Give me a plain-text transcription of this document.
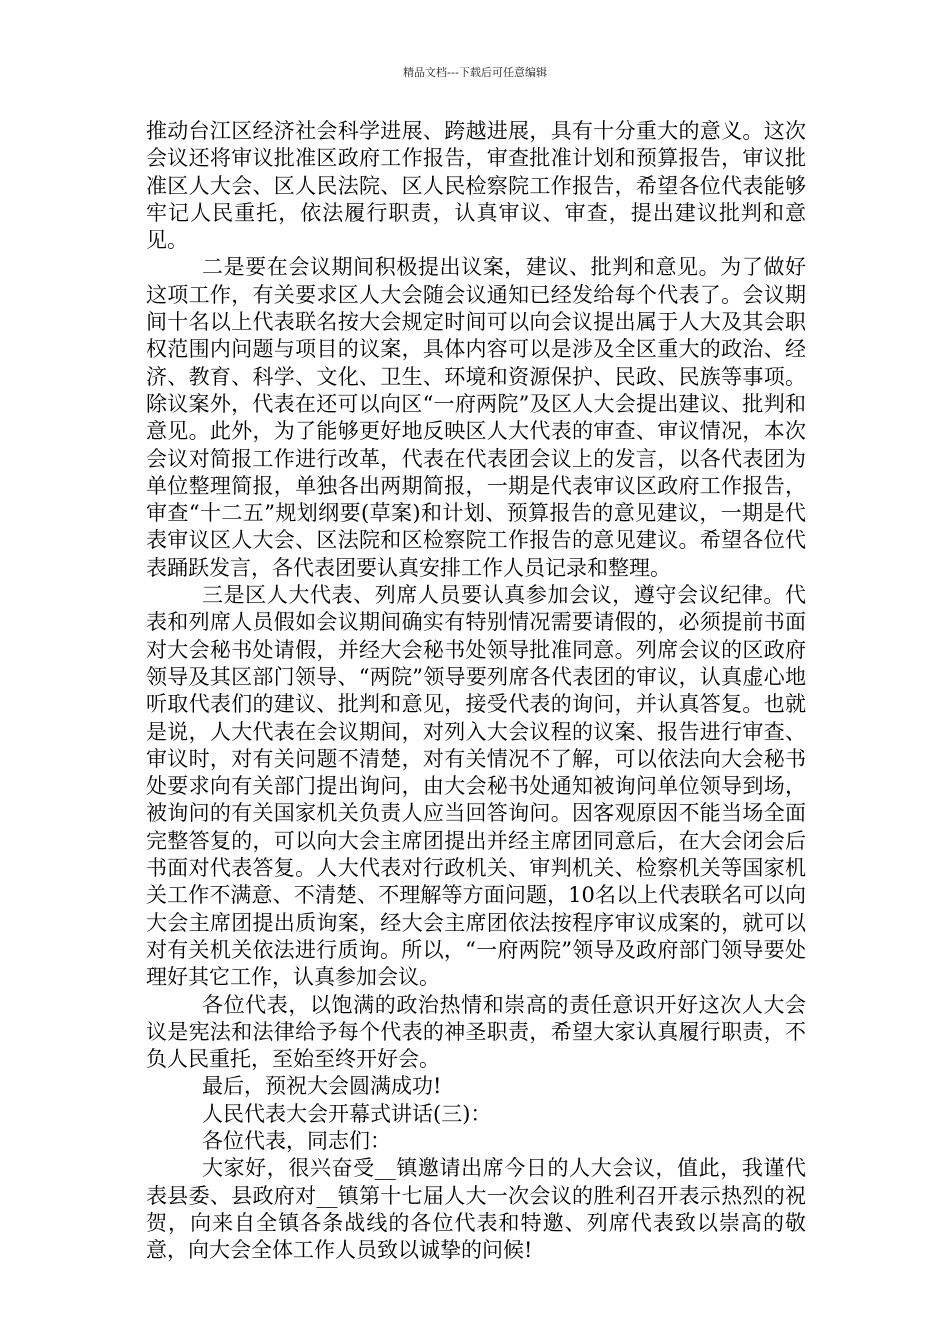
精品文档---下载后可任意编辑

推动台江区经济社会科学进展、跨越进展，具有十分重大的意义。这次会议还将审议批准区政府工作报告，审查批准计划和预算报告，审议批准区人大会、区人民法院、区人民检察院工作报告，希望各位代表能够牢记人民重托，依法履行职责，认真审议、审查，提出建议批判和意见。

二是要在会议期间积极提出议案，建议、批判和意见。为了做好这项工作，有关要求区人大会随会议通知已经发给每个代表了。会议期间十名以上代表联名按大会规定时间可以向会议提出属于人大及其会职权范围内问题与项目的议案，具体内容可以是涉及全区重大的政治、经济、教育、科学、文化、卫生、环境和资源保护、民政、民族等事项。除议案外，代表在还可以向区“一府两院”及区人大会提出建议、批判和意见。此外，为了能够更好地反映区人大代表的审查、审议情况，本次会议对简报工作进行改革，代表在代表团会议上的发言，以各代表团为单位整理简报，单独各出两期简报，一期是代表审议区政府工作报告，审查“十二五”规划纲要(草案)和计划、预算报告的意见建议，一期是代表审议区人大会、区法院和区检察院工作报告的意见建议。希望各位代表踊跃发言，各代表团要认真安排工作人员记录和整理。

三是区人大代表、列席人员要认真参加会议，遵守会议纪律。代表和列席人员假如会议期间确实有特别情况需要请假的，必须提前书面对大会秘书处请假，并经大会秘书处领导批准同意。列席会议的区政府领导及其区部门领导、“两院”领导要列席各代表团的审议，认真虚心地听取代表们的建议、批判和意见，接受代表的询问，并认真答复。也就是说，人大代表在会议期间，对列入大会议程的议案、报告进行审查、审议时，对有关问题不清楚，对有关情况不了解，可以依法向大会秘书处要求向有关部门提出询问，由大会秘书处通知被询问单位领导到场，被询问的有关国家机关负责人应当回答询问。因客观原因不能当场全面完整答复的，可以向大会主席团提出并经主席团同意后，在大会闭会后书面对代表答复。人大代表对行政机关、审判机关、检察机关等国家机关工作不满意、不清楚、不理解等方面问题，10名以上代表联名可以向大会主席团提出质询案，经大会主席团依法按程序审议成案的，就可以对有关机关依法进行质询。所以，“一府两院”领导及政府部门领导要处理好其它工作，认真参加会议。

各位代表，以饱满的政治热情和崇高的责任意识开好这次人大会议是宪法和法律给予每个代表的神圣职责，希望大家认真履行职责，不负人民重托，至始至终开好会。

最后，预祝大会圆满成功!

人民代表大会开幕式讲话(三)：

各位代表，同志们：

大家好，很兴奋受__镇邀请出席今日的人大会议，值此，我谨代表县委、县政府对__镇第十七届人大一次会议的胜利召开表示热烈的祝贺，向来自全镇各条战线的各位代表和特邀、列席代表致以崇高的敬意，向大会全体工作人员致以诚挚的问候!
